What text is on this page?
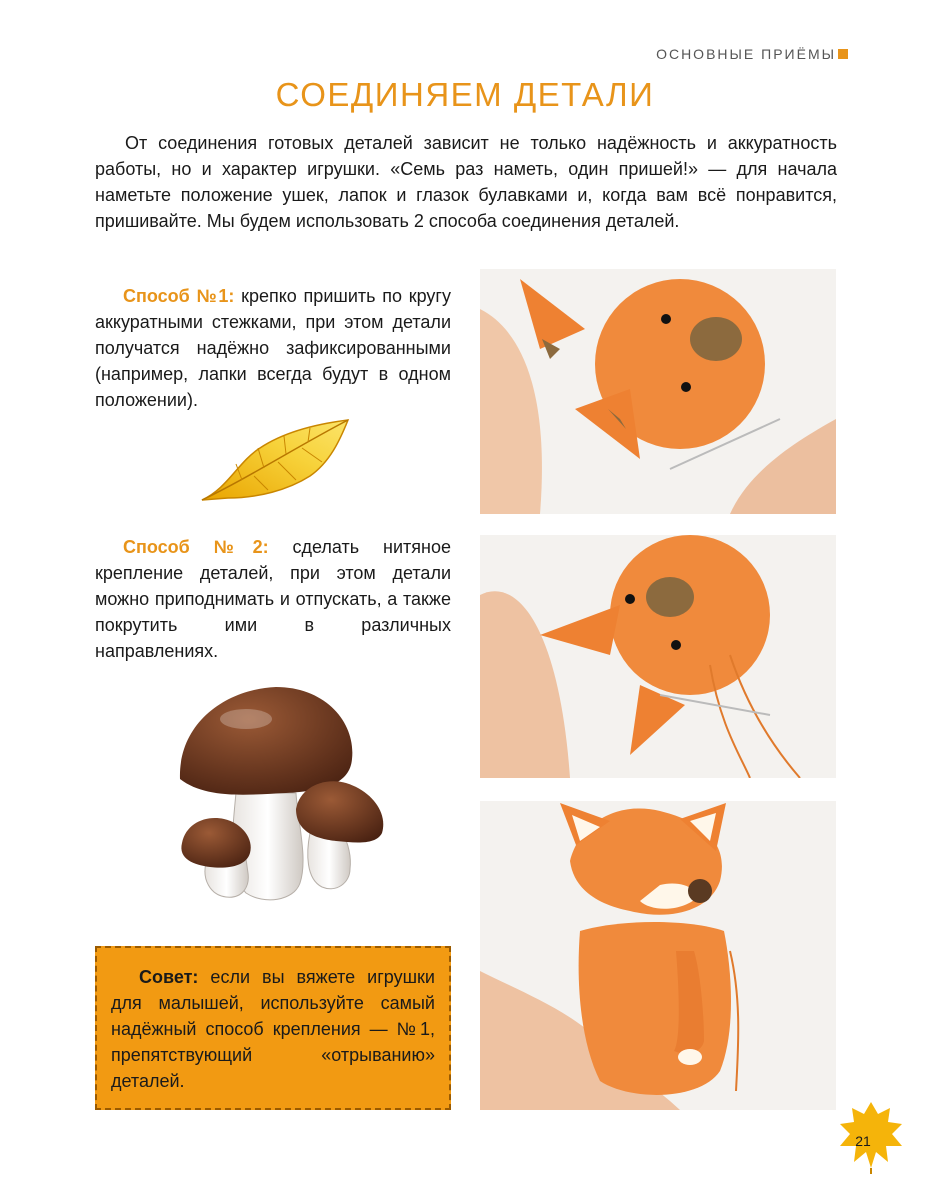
ОСНОВНЫЕ ПРИЁМЫ
СОЕДИНЯЕМ ДЕТАЛИ

От соединения готовых деталей зависит не только надёжность и аккуратность работы, но и характер игрушки. «Семь раз наметь, один пришей!» — для начала наметьте положение ушек, лапок и глазок булавками и, когда вам всё понравится, пришивайте. Мы будем использовать 2 способа соединения деталей.

Способ №1: крепко пришить по кругу аккуратными стежками, при этом детали получатся надёжно зафиксированными (например, лапки всегда будут в одном положении).

Способ №2: сделать нитяное крепление деталей, при этом детали можно приподнимать и отпускать, а также покрутить ими в различных направлениях.

Совет: если вы вяжете игрушки для малышей, используйте самый надёжный способ крепления — №1, препятствующий «отрыванию» деталей.

21
